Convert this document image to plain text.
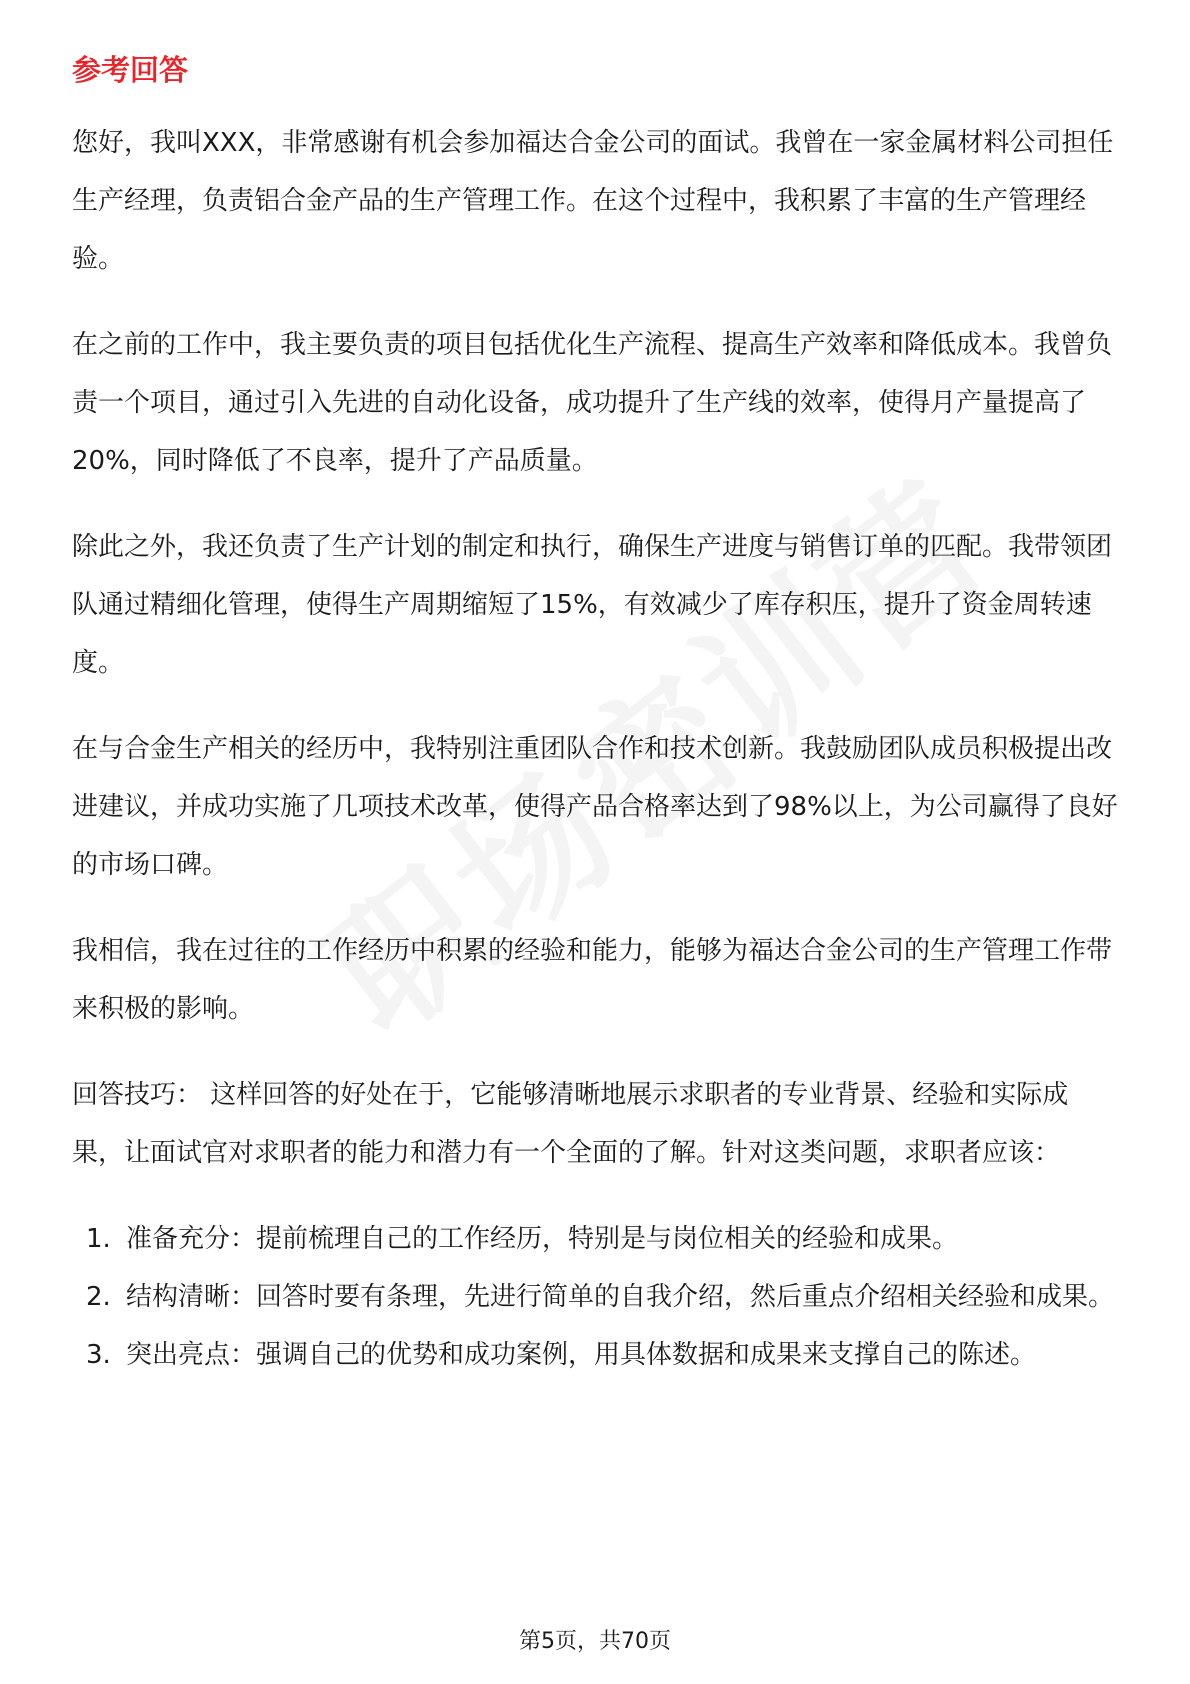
参考回答

您好，我叫XXX，非常感谢有机会参加福达合金公司的面试。我曾在一家金属材料公司担任生产经理，负责铝合金产品的生产管理工作。在这个过程中，我积累了丰富的生产管理经验。

在之前的工作中，我主要负责的项目包括优化生产流程、提高生产效率和降低成本。我曾负责一个项目，通过引入先进的自动化设备，成功提升了生产线的效率，使得月产量提高了20%，同时降低了不良率，提升了产品质量。

除此之外，我还负责了生产计划的制定和执行，确保生产进度与销售订单的匹配。我带领团队通过精细化管理，使得生产周期缩短了15%，有效减少了库存积压，提升了资金周转速度。

在与合金生产相关的经历中，我特别注重团队合作和技术创新。我鼓励团队成员积极提出改进建议，并成功实施了几项技术改革，使得产品合格率达到了98%以上，为公司赢得了良好的市场口碑。

我相信，我在过往的工作经历中积累的经验和能力，能够为福达合金公司的生产管理工作带来积极的影响。

回答技巧： 这样回答的好处在于，它能够清晰地展示求职者的专业背景、经验和实际成果，让面试官对求职者的能力和潜力有一个全面的了解。针对这类问题，求职者应该：

1. 准备充分：提前梳理自己的工作经历，特别是与岗位相关的经验和成果。
2. 结构清晰：回答时要有条理，先进行简单的自我介绍，然后重点介绍相关经验和成果。
3. 突出亮点：强调自己的优势和成功案例，用具体数据和成果来支撑自己的陈述。
第5页，共70页
